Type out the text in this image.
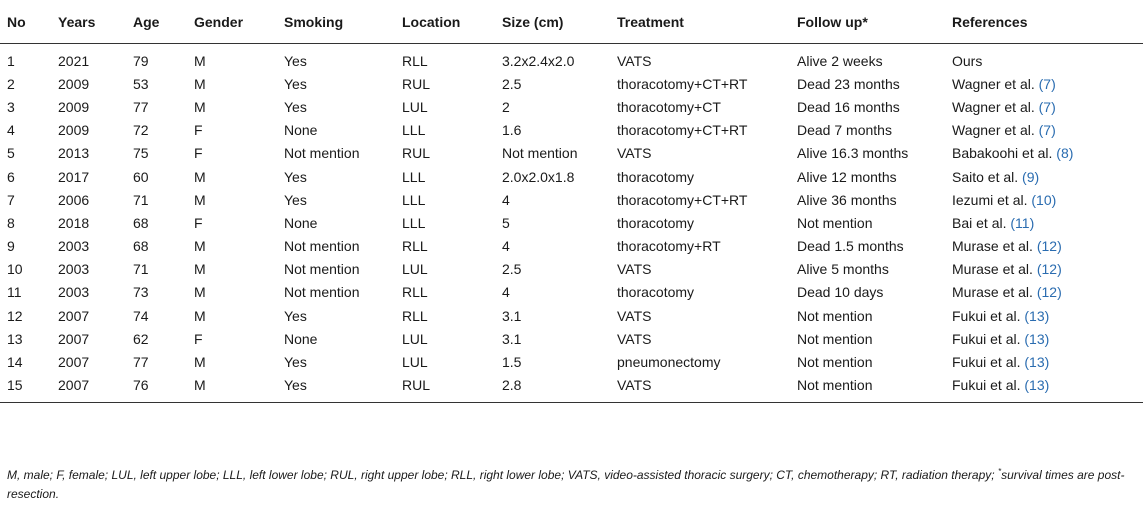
No	Years	Age	Gender	Smoking	Location	Size (cm)	Treatment	Follow up*	References
1	2021	79	M	Yes	RLL	3.2x2.4x2.0	VATS	Alive 2 weeks	Ours
2	2009	53	M	Yes	RUL	2.5	thoracotomy+CT+RT	Dead 23 months	Wagner et al. (7)
3	2009	77	M	Yes	LUL	2	thoracotomy+CT	Dead 16 months	Wagner et al. (7)
4	2009	72	F	None	LLL	1.6	thoracotomy+CT+RT	Dead 7 months	Wagner et al. (7)
5	2013	75	F	Not mention	RUL	Not mention	VATS	Alive 16.3 months	Babakoohi et al. (8)
6	2017	60	M	Yes	LLL	2.0x2.0x1.8	thoracotomy	Alive 12 months	Saito et al. (9)
7	2006	71	M	Yes	LLL	4	thoracotomy+CT+RT	Alive 36 months	Iezumi et al. (10)
8	2018	68	F	None	LLL	5	thoracotomy	Not mention	Bai et al. (11)
9	2003	68	M	Not mention	RLL	4	thoracotomy+RT	Dead 1.5 months	Murase et al. (12)
10	2003	71	M	Not mention	LUL	2.5	VATS	Alive 5 months	Murase et al. (12)
11	2003	73	M	Not mention	RLL	4	thoracotomy	Dead 10 days	Murase et al. (12)
12	2007	74	M	Yes	RLL	3.1	VATS	Not mention	Fukui et al. (13)
13	2007	62	F	None	LUL	3.1	VATS	Not mention	Fukui et al. (13)
14	2007	77	M	Yes	LUL	1.5	pneumonectomy	Not mention	Fukui et al. (13)
15	2007	76	M	Yes	RUL	2.8	VATS	Not mention	Fukui et al. (13)
M, male; F, female; LUL, left upper lobe; LLL, left lower lobe; RUL, right upper lobe; RLL, right lower lobe; VATS, video-assisted thoracic surgery; CT, chemotherapy; RT, radiation therapy; *survival times are post-resection.
